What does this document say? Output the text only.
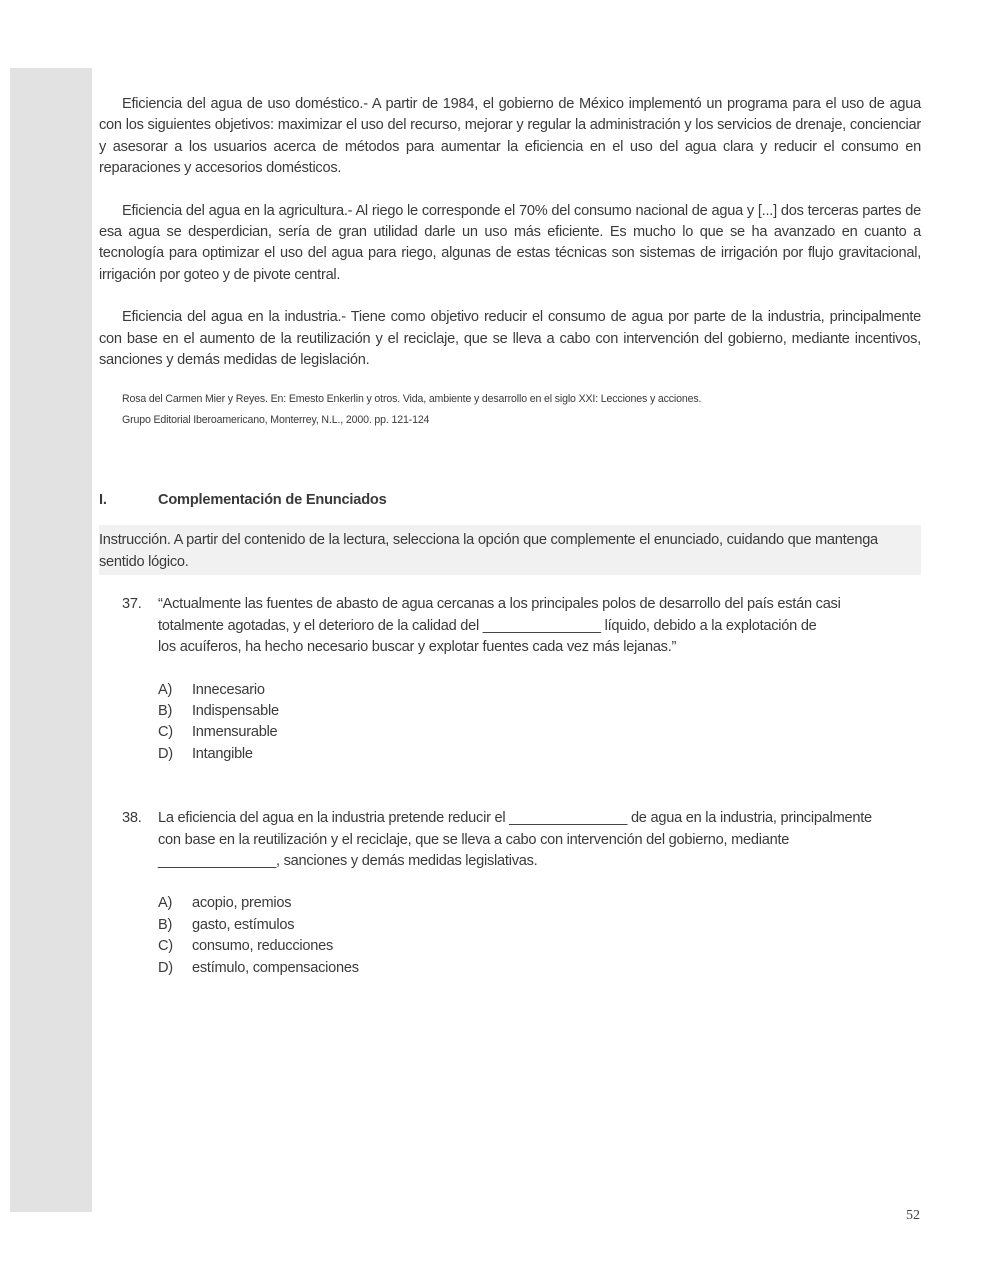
Eficiencia del agua de uso doméstico.- A partir de 1984, el gobierno de México implementó un programa para el uso de agua con los siguientes objetivos: maximizar el uso del recurso, mejorar y regular la administración y los servicios de drenaje, concienciar y asesorar a los usuarios acerca de métodos para aumentar la eficiencia en el uso del agua clara y reducir el consumo en reparaciones y accesorios domésticos.

Eficiencia del agua en la agricultura.- Al riego le corresponde el 70% del consumo nacional de agua y [...] dos terceras partes de esa agua se desperdician, sería de gran utilidad darle un uso más eficiente. Es mucho lo que se ha avanzado en cuanto a tecnología para optimizar el uso del agua para riego, algunas de estas técnicas son sistemas de irrigación por flujo gravitacional, irrigación por goteo y de pivote central.

Eficiencia del agua en la industria.- Tiene como objetivo reducir el consumo de agua por parte de la industria, principalmente con base en el aumento de la reutilización y el reciclaje, que se lleva a cabo con intervención del gobierno, mediante incentivos, sanciones y demás medidas de legislación.

Rosa del Carmen Mier y Reyes. En: Emesto Enkerlin y otros. Vida, ambiente y desarrollo en el siglo XXI: Lecciones y acciones.
Grupo Editorial Iberoamericano, Monterrey, N.L., 2000. pp. 121-124
I.	Complementación de Enunciados
Instrucción. A partir del contenido de la lectura, selecciona la opción que complemente el enunciado, cuidando que mantenga sentido lógico.
37.	“Actualmente las fuentes de abasto de agua cercanas a los principales polos de desarrollo del país están casi
totalmente agotadas, y el deterioro de la calidad del _______________ líquido, debido a la explotación de
los acuíferos, ha hecho necesario buscar y explotar fuentes cada vez más lejanas.”
A)	Innecesario
B)	Indispensable
C)	Inmensurable
D)	Intangible
38.	La eficiencia del agua en la industria pretende reducir el _______________ de agua en la industria, principalmente
con base en la reutilización y el reciclaje, que se lleva a cabo con intervención del gobierno, mediante
_______________, sanciones y demás medidas legislativas.
A)	acopio, premios
B)	gasto, estímulos
C)	consumo, reducciones
D)	estímulo, compensaciones
52
